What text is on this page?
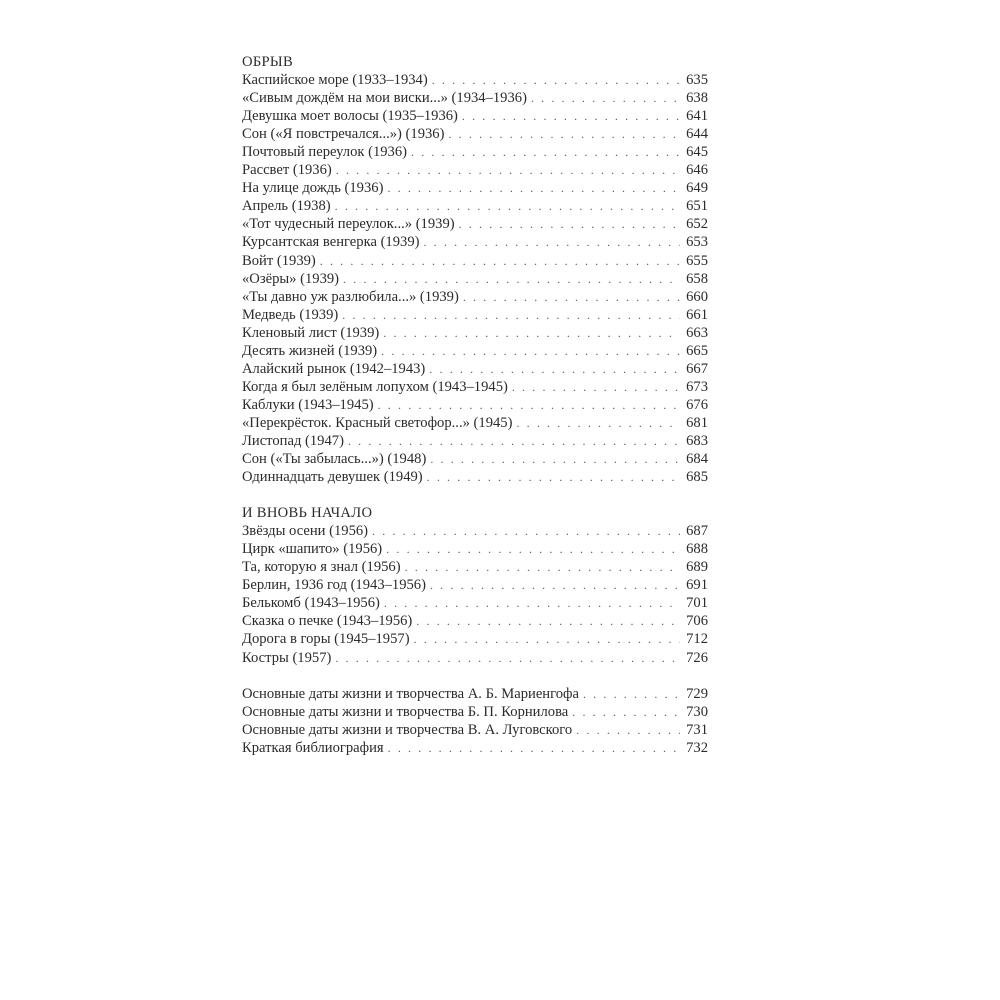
ОБРЫВ
Каспийское море (1933–1934) . . .	635
«Сивым дождём на мои виски...» (1934–1936) . . .	638
Девушка моет волосы (1935–1936) . . .	641
Сон («Я повстречался...») (1936) . . .	644
Почтовый переулок (1936) . . .	645
Рассвет (1936) . . .	646
На улице дождь (1936) . . .	649
Апрель (1938) . . .	651
«Тот чудесный переулок...» (1939) . . .	652
Курсантская венгерка (1939) . . .	653
Войт (1939) . . .	655
«Озёры» (1939) . . .	658
«Ты давно уж разлюбила...» (1939) . . .	660
Медведь (1939) . . .	661
Кленовый лист (1939) . . .	663
Десять жизней (1939) . . .	665
Алайский рынок (1942–1943) . . .	667
Когда я был зелёным лопухом (1943–1945) . . .	673
Каблуки (1943–1945) . . .	676
«Перекрёсток. Красный светофор...» (1945) . . .	681
Листопад (1947) . . .	683
Сон («Ты забылась...») (1948) . . .	684
Одиннадцать девушек (1949) . . .	685
И ВНОВЬ НАЧАЛО
Звёзды осени (1956) . . .	687
Цирк «шапито» (1956) . . .	688
Та, которую я знал (1956) . . .	689
Берлин, 1936 год (1943–1956) . . .	691
Белькомб (1943–1956) . . .	701
Сказка о печке (1943–1956) . . .	706
Дорога в горы (1945–1957) . . .	712
Костры (1957) . . .	726
Основные даты жизни и творчества А. Б. Мариенгофа . . .	729
Основные даты жизни и творчества Б. П. Корнилова . . .	730
Основные даты жизни и творчества В. А. Луговского . . .	731
Краткая библиография . . .	732
